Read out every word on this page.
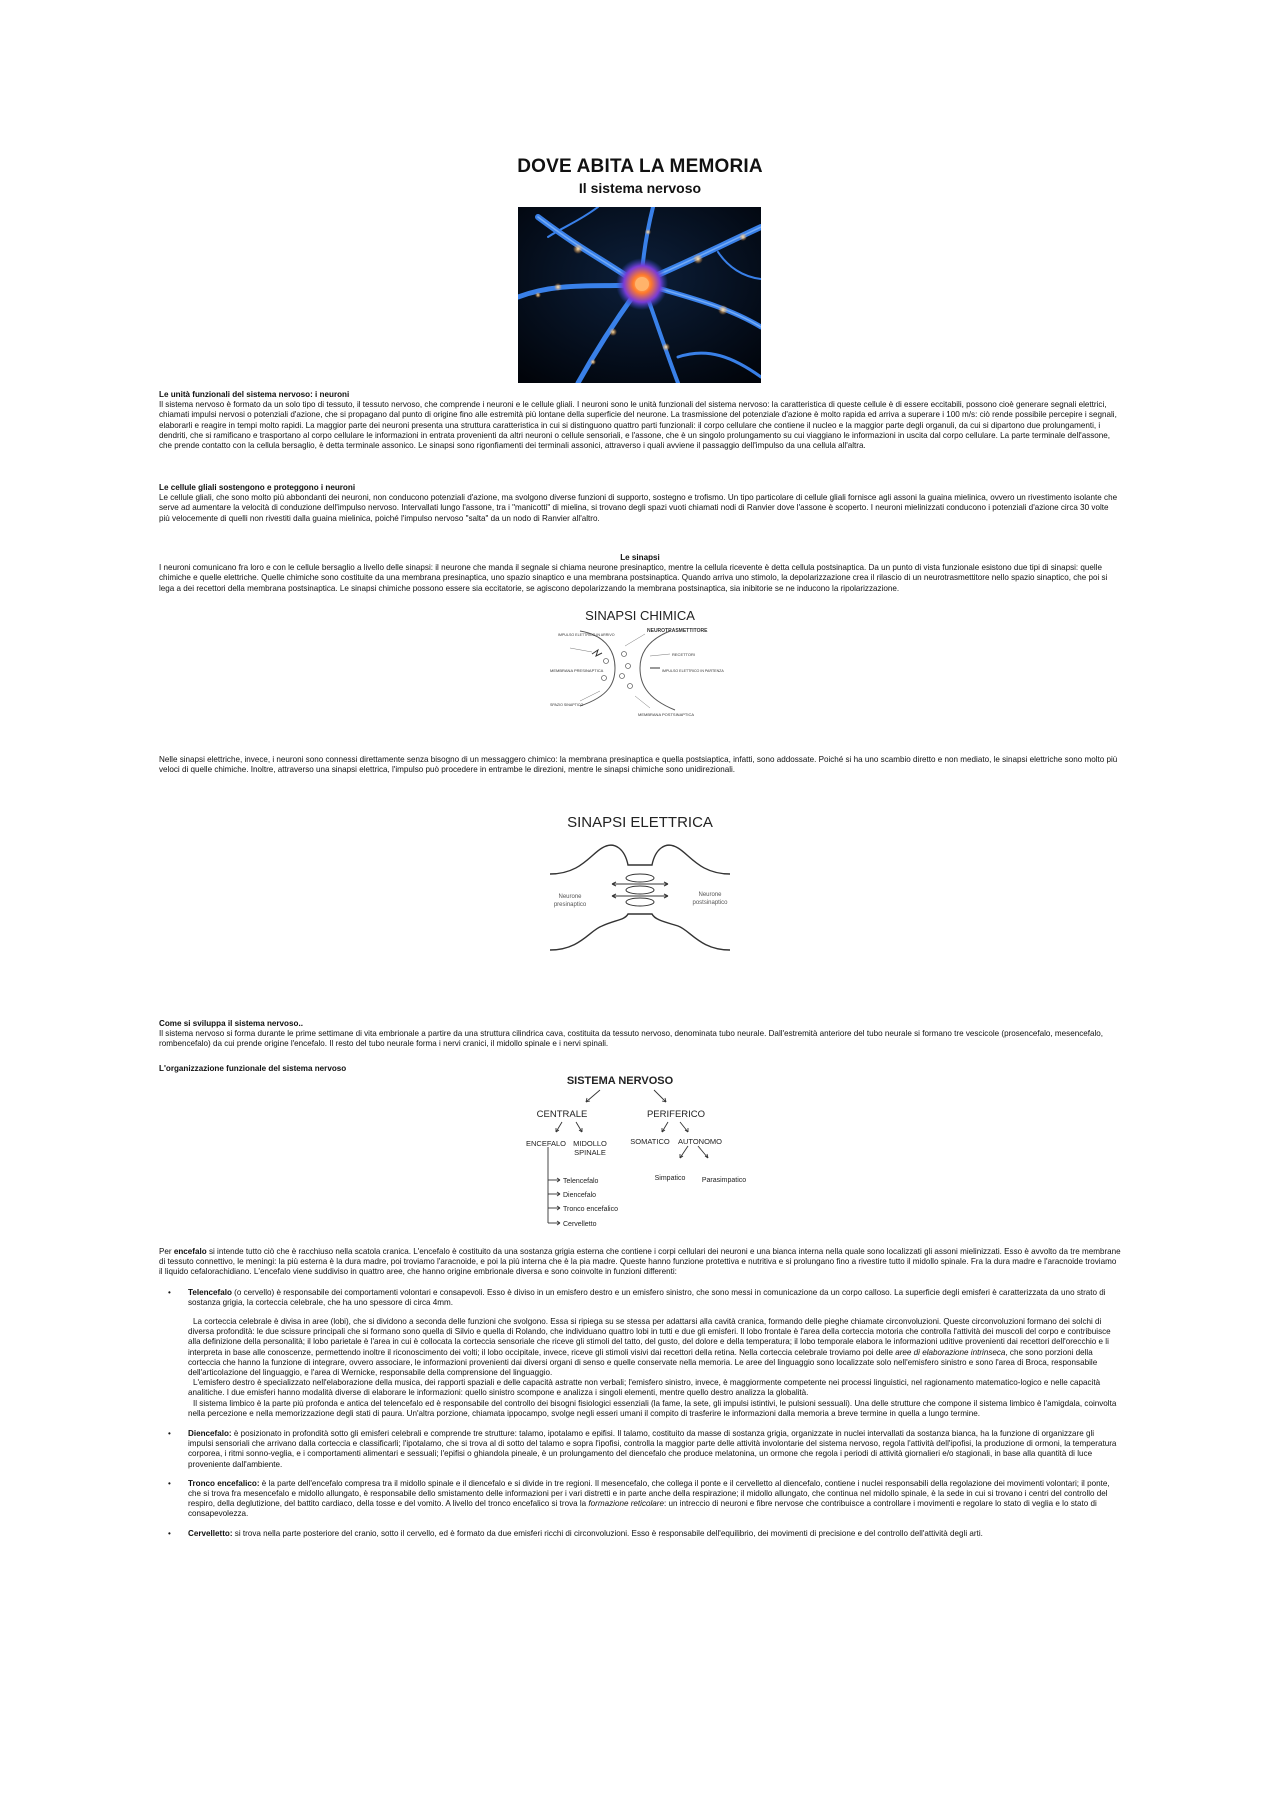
DOVE ABITA LA MEMORIA
Il sistema nervoso
Le unità funzionali del sistema nervoso: i neuroni

Il sistema nervoso è formato da un solo tipo di tessuto, il tessuto nervoso, che comprende i neuroni e le cellule gliali. I neuroni sono le unità funzionali del sistema nervoso: la caratteristica di queste cellule è di essere eccitabili, possono cioè generare segnali elettrici, chiamati impulsi nervosi o potenziali d'azione, che si propagano dal punto di origine fino alle estremità più lontane della superficie del neurone. La trasmissione del potenziale d'azione è molto rapida ed arriva a superare i 100 m/s: ciò rende possibile percepire i segnali, elaborarli e reagire in tempi molto rapidi. La maggior parte dei neuroni presenta una struttura caratteristica in cui si distinguono quattro parti funzionali: il corpo cellulare che contiene il nucleo e la maggior parte degli organuli, da cui si dipartono due prolungamenti, i dendriti, che si ramificano e trasportano al corpo cellulare le informazioni in entrata provenienti da altri neuroni o cellule sensoriali, e l'assone, che è un singolo prolungamento su cui viaggiano le informazioni in uscita dal corpo cellulare. La parte terminale dell'assone, che prende contatto con la cellula bersaglio, è detta terminale assonico. Le sinapsi sono rigonfiamenti dei terminali assonici, attraverso i quali avviene il passaggio dell'impulso da una cellula all'altra.

Le cellule gliali sostengono e proteggono i neuroni

Le cellule gliali, che sono molto più abbondanti dei neuroni, non conducono potenziali d'azione, ma svolgono diverse funzioni di supporto, sostegno e trofismo. Un tipo particolare di cellule gliali fornisce agli assoni la guaina mielinica, ovvero un rivestimento isolante che serve ad aumentare la velocità di conduzione dell'impulso nervoso. Intervallati lungo l'assone, tra i "manicotti" di mielina, si trovano degli spazi vuoti chiamati nodi di Ranvier dove l'assone è scoperto. I neuroni mielinizzati conducono i potenziali d'azione circa 30 volte più velocemente di quelli non rivestiti dalla guaina mielinica, poiché l'impulso nervoso "salta" da un nodo di Ranvier all'altro.

Le sinapsi

I neuroni comunicano fra loro e con le cellule bersaglio a livello delle sinapsi: il neurone che manda il segnale si chiama neurone presinaptico, mentre la cellula ricevente è detta cellula postsinaptica. Da un punto di vista funzionale esistono due tipi di sinapsi: quelle chimiche e quelle elettriche. Quelle chimiche sono costituite da una membrana presinaptica, uno spazio sinaptico e una membrana postsinaptica. Quando arriva uno stimolo, la depolarizzazione crea il rilascio di un neurotrasmettitore nello spazio sinaptico, che poi si lega a dei recettori della membrana postsinaptica. Le sinapsi chimiche possono essere sia eccitatorie, se agiscono depolarizzando la membrana postsinaptica, sia inibitorie se ne inducono la ripolarizzazione.

SINAPSI CHIMICA
IMPULSO ELETTRICO IN ARRIVO
NEUROTRASMETTITORE
RECETTORI
MEMBRANA PRESINAPTICA	IMPULSO ELETTRICO IN PARTENZA
SPAZIO SINAPTICO
MEMBRANA POSTSINAPTICA

Nelle sinapsi elettriche, invece, i neuroni sono connessi direttamente senza bisogno di un messaggero chimico: la membrana presinaptica e quella postsiaptica, infatti, sono addossate. Poiché si ha uno scambio diretto e non mediato, le sinapsi elettriche sono molto più veloci di quelle chimiche. Inoltre, attraverso una sinapsi elettrica, l'impulso può procedere in entrambe le direzioni, mentre le sinapsi chimiche sono unidirezionali.

SINAPSI ELETTRICA
Neurone
presinaptico
Neurone
postsinaptico
Come si sviluppa il sistema nervoso..

Il sistema nervoso si forma durante le prime settimane di vita embrionale a partire da una struttura cilindrica cava, costituita da tessuto nervoso, denominata tubo neurale. Dall'estremità anteriore del tubo neurale si formano tre vescicole (prosencefalo, mesencefalo, rombencefalo) da cui prende origine l'encefalo. Il resto del tubo neurale forma i nervi cranici, il midollo spinale e i nervi spinali.

L'organizzazione funzionale del sistema nervoso
SISTEMA NERVOSO
CENTRALE	PERIFERICO
ENCEFALO MIDOLLO
SPINALE
SOMATICO AUTONOMO
Simpatico Parasimpatico
Telencefalo
Diencefalo
Tronco encefalico
Cervelletto

Per encefalo si intende tutto ciò che è racchiuso nella scatola cranica. L'encefalo è costituito da una sostanza grigia esterna che contiene i corpi cellulari dei neuroni e una bianca interna nella quale sono localizzati gli assoni mielinizzati. Esso è avvolto da tre membrane di tessuto connettivo, le meningi: la più esterna è la dura madre, poi troviamo l'aracnoide, e poi la più interna che è la pia madre. Queste hanno funzione protettiva e nutritiva e si prolungano fino a rivestire tutto il midollo spinale. Fra la dura madre e l'aracnoide troviamo il liquido cefalorachidiano. L'encefalo viene suddiviso in quattro aree, che hanno origine embrionale diversa e sono coinvolte in funzioni differenti:

• Telencefalo (o cervello) è responsabile dei comportamenti volontari e consapevoli. Esso è diviso in un emisfero destro e un emisfero sinistro, che sono messi in comunicazione da un corpo calloso. La superficie degli emisferi è caratterizzata da uno strato di sostanza grigia, la corteccia celebrale, che ha uno spessore di circa 4mm.

La corteccia celebrale è divisa in aree (lobi), che si dividono a seconda delle funzioni che svolgono. Essa si ripiega su se stessa per adattarsi alla cavità cranica, formando delle pieghe chiamate circonvoluzioni. Queste circonvoluzioni formano dei solchi di diversa profondità: le due scissure principali che si formano sono quella di Silvio e quella di Rolando, che individuano quattro lobi in tutti e due gli emisferi. Il lobo frontale è l'area della corteccia motoria che controlla l'attività dei muscoli del corpo e contribuisce alla definizione della personalità; il lobo parietale è l'area in cui è collocata la corteccia sensoriale che riceve gli stimoli del tatto, del gusto, del dolore e della temperatura; il lobo temporale elabora le informazioni uditive provenienti dai recettori dell'orecchio e li interpreta in base alle conoscenze, permettendo inoltre il riconoscimento dei volti; il lobo occipitale, invece, riceve gli stimoli visivi dai recettori della retina. Nella corteccia celebrale troviamo poi delle aree di elaborazione intrinseca, che sono porzioni della corteccia che hanno la funzione di integrare, ovvero associare, le informazioni provenienti dai diversi organi di senso e quelle conservate nella memoria. Le aree del linguaggio sono localizzate solo nell'emisfero sinistro e sono l'area di Broca, responsabile dell'articolazione del linguaggio, e l'area di Wernicke, responsabile della comprensione del linguaggio.

L'emisfero destro è specializzato nell'elaborazione della musica, dei rapporti spaziali e delle capacità astratte non verbali; l'emisfero sinistro, invece, è maggiormente competente nei processi linguistici, nel ragionamento matematico-logico e nelle capacità analitiche. I due emisferi hanno modalità diverse di elaborare le informazioni: quello sinistro scompone e analizza i singoli elementi, mentre quello destro analizza la globalità.

Il sistema limbico è la parte più profonda e antica del telencefalo ed è responsabile del controllo dei bisogni fisiologici essenziali (la fame, la sete, gli impulsi istintivi, le pulsioni sessuali). Una delle strutture che compone il sistema limbico è l'amigdala, coinvolta nella percezione e nella memorizzazione degli stati di paura. Un'altra porzione, chiamata ippocampo, svolge negli esseri umani il compito di trasferire le informazioni dalla memoria a breve termine in quella a lungo termine.

• Diencefalo: è posizionato in profondità sotto gli emisferi celebrali e comprende tre strutture: talamo, ipotalamo e epifisi. Il talamo, costituito da masse di sostanza grigia, organizzate in nuclei intervallati da sostanza bianca, ha la funzione di organizzare gli impulsi sensoriali che arrivano dalla corteccia e classificarli; l'ipotalamo, che si trova al di sotto del talamo e sopra l'ipofisi, controlla la maggior parte delle attività involontarie del sistema nervoso, regola l'attività dell'ipofisi, la produzione di ormoni, la temperatura corporea, i ritmi sonno-veglia, e i comportamenti alimentari e sessuali; l'epifisi o ghiandola pineale, è un prolungamento del diencefalo che produce melatonina, un ormone che regola i periodi di attività giornalieri e/o stagionali, in base alla quantità di luce proveniente dall'ambiente.

• Tronco encefalico: è la parte dell'encefalo compresa tra il midollo spinale e il diencefalo e si divide in tre regioni. Il mesencefalo, che collega il ponte e il cervelletto al diencefalo, contiene i nuclei responsabili della regolazione dei movimenti volontari; il ponte, che si trova fra mesencefalo e midollo allungato, è responsabile dello smistamento delle informazioni per i vari distretti e in parte anche della respirazione; il midollo allungato, che continua nel midollo spinale, è la sede in cui si trovano i centri del controllo del respiro, della deglutizione, del battito cardiaco, della tosse e del vomito. A livello del tronco encefalico si trova la formazione reticolare: un intreccio di neuroni e fibre nervose che contribuisce a controllare i movimenti e regolare lo stato di veglia e lo stato di consapevolezza.

• Cervelletto: si trova nella parte posteriore del cranio, sotto il cervello, ed è formato da due emisferi ricchi di circonvoluzioni. Esso è responsabile dell'equilibrio, dei movimenti di precisione e del controllo dell'attività degli arti.
